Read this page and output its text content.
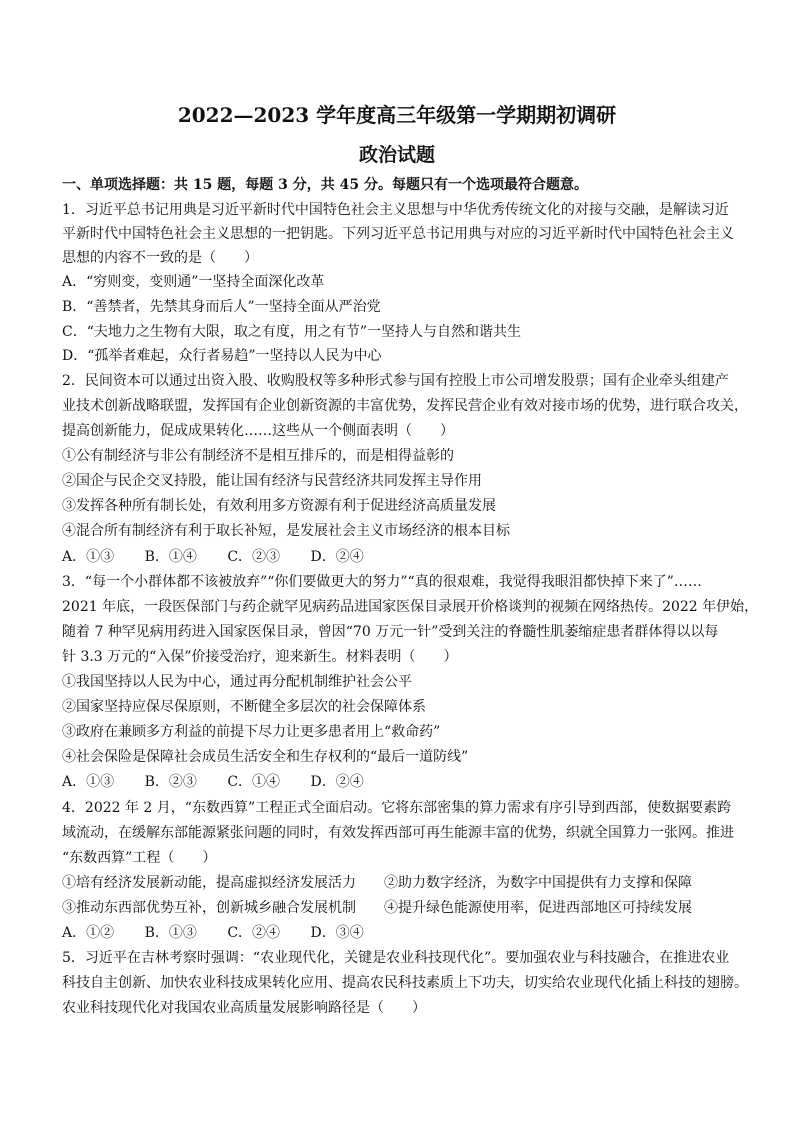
2022—2023 学年度高三年级第一学期期初调研
政治试题
一、单项选择题：共 15 题，每题 3 分，共 45 分。每题只有一个选项最符合题意。
1．习近平总书记用典是习近平新时代中国特色社会主义思想与中华优秀传统文化的对接与交融，是解读习近
平新时代中国特色社会主义思想的一把钥匙。下列习近平总书记用典与对应的习近平新时代中国特色社会主义
思想的内容不一致的是（　　）
A．“穷则变，变则通”一坚持全面深化改革
B．“善禁者，先禁其身而后人”一坚持全面从严治党
C．“夫地力之生物有大限，取之有度，用之有节”一坚持人与自然和谐共生
D．“孤举者难起，众行者易趋”一坚持以人民为中心
2．民间资本可以通过出资入股、收购股权等多种形式参与国有控股上市公司增发股票；国有企业牵头组建产
业技术创新战略联盟，发挥国有企业创新资源的丰富优势，发挥民营企业有效对接市场的优势，进行联合攻关，
提高创新能力，促成成果转化……这些从一个侧面表明（　　）
①公有制经济与非公有制经济不是相互排斥的，而是相得益彰的
②国企与民企交叉持股，能让国有经济与民营经济共同发挥主导作用
③发挥各种所有制长处，有效利用多方资源有利于促进经济高质量发展
④混合所有制经济有利于取长补短，是发展社会主义市场经济的根本目标
A．①③ B．①④ C．②③ D．②④
3．“每一个小群体都不该被放弃”“你们要做更大的努力”“真的很艰难，我觉得我眼泪都快掉下来了”……
2021 年底，一段医保部门与药企就罕见病药品进国家医保目录展开价格谈判的视频在网络热传。2022 年伊始，
随着 7 种罕见病用药进入国家医保目录，曾因“70 万元一针”受到关注的脊髓性肌萎缩症患者群体得以以每
针 3.3 万元的“入保”价接受治疗，迎来新生。材料表明（　　）
①我国坚持以人民为中心，通过再分配机制维护社会公平
②国家坚持应保尽保原则，不断健全多层次的社会保障体系
③政府在兼顾多方利益的前提下尽力让更多患者用上“救命药”
④社会保险是保障社会成员生活安全和生存权利的“最后一道防线”
A．①③ B．②③ C．①④ D．②④
4．2022 年 2 月，“东数西算”工程正式全面启动。它将东部密集的算力需求有序引导到西部，使数据要素跨
域流动，在缓解东部能源紧张问题的同时，有效发挥西部可再生能源丰富的优势，织就全国算力一张网。推进
“东数西算”工程（　　）
①培有经济发展新动能，提高虚拟经济发展活力 ②助力数字经济，为数字中国提供有力支撑和保障
③推动东西部优势互补，创新城乡融合发展机制 ④提升绿色能源使用率，促进西部地区可持续发展
A．①② B．①③ C．②④ D．③④
5．习近平在吉林考察时强调：“农业现代化，关键是农业科技现代化”。要加强农业与科技融合，在推进农业
科技自主创新、加快农业科技成果转化应用、提高农民科技素质上下功夫，切实给农业现代化插上科技的翅膀。
农业科技现代化对我国农业高质量发展影响路径是（　　）
